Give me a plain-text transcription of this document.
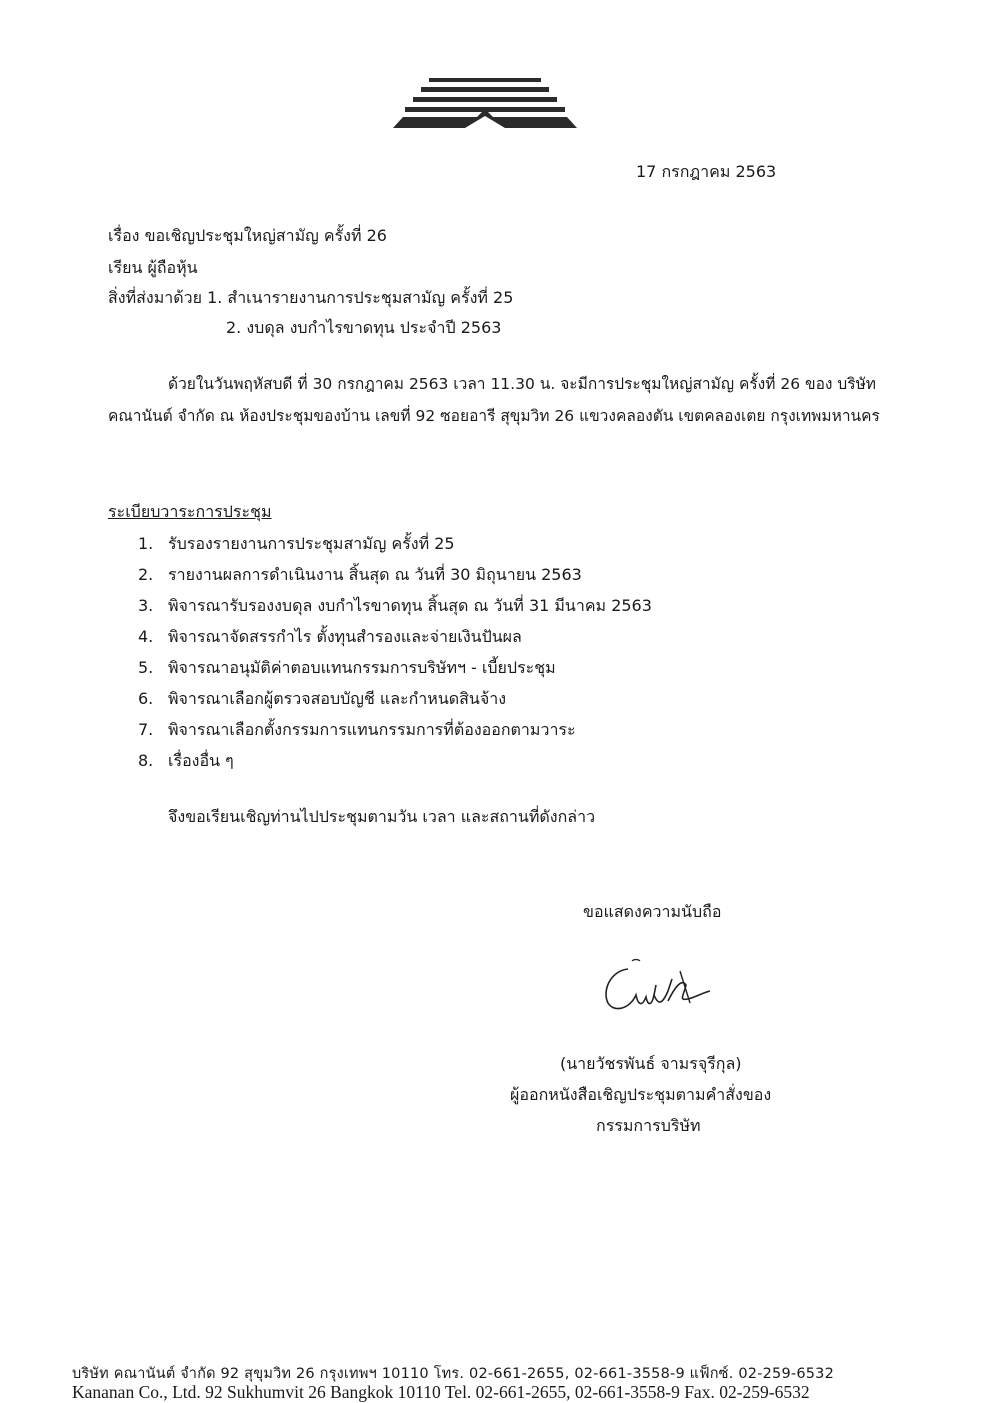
17 กรกฎาคม 2563
เรื่อง ขอเชิญประชุมใหญ่สามัญ ครั้งที่ 26
เรียน ผู้ถือหุ้น
สิ่งที่ส่งมาด้วย 1. สำเนารายงานการประชุมสามัญ ครั้งที่ 25
2. งบดุล งบกำไรขาดทุน ประจำปี 2563
ด้วยในวันพฤหัสบดี ที่ 30 กรกฎาคม 2563 เวลา 11.30 น. จะมีการประชุมใหญ่สามัญ ครั้งที่ 26 ของ บริษัท คณานันต์ จำกัด ณ ห้องประชุมของบ้าน เลขที่ 92 ซอยอารี สุขุมวิท 26 แขวงคลองตัน เขตคลองเตย กรุงเทพมหานคร
ระเบียบวาระการประชุม
1. รับรองรายงานการประชุมสามัญ ครั้งที่ 25
2. รายงานผลการดำเนินงาน สิ้นสุด ณ วันที่ 30 มิถุนายน 2563
3. พิจารณารับรองงบดุล งบกำไรขาดทุน สิ้นสุด ณ วันที่ 31 มีนาคม 2563
4. พิจารณาจัดสรรกำไร ตั้งทุนสำรองและจ่ายเงินปันผล
5. พิจารณาอนุมัติค่าตอบแทนกรรมการบริษัทฯ - เบี้ยประชุม
6. พิจารณาเลือกผู้ตรวจสอบบัญชี และกำหนดสินจ้าง
7. พิจารณาเลือกตั้งกรรมการแทนกรรมการที่ต้องออกตามวาระ
8. เรื่องอื่น ๆ
จึงขอเรียนเชิญท่านไปประชุมตามวัน เวลา และสถานที่ดังกล่าว
ขอแสดงความนับถือ
(นายวัชรพันธ์ จามรจุรีกุล)
ผู้ออกหนังสือเชิญประชุมตามคำสั่งของ
กรรมการบริษัท
บริษัท คณานันต์ จำกัด 92 สุขุมวิท 26 กรุงเทพฯ 10110 โทร. 02-661-2655, 02-661-3558-9 แฟ็กซ์. 02-259-6532
Kananan Co., Ltd. 92 Sukhumvit 26 Bangkok 10110 Tel. 02-661-2655, 02-661-3558-9 Fax. 02-259-6532
